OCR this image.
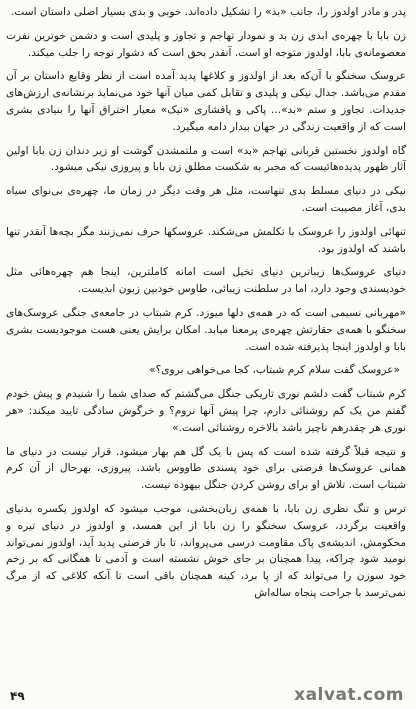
پدر و مادر اولدوز را، جانب «بد» را تشکیل داده‌اند. خوبی و بدی بسیار اصلی داستان است.

زن بابا با چهره‌ی ابدی زن بد و نمودار تهاجم و تجاوز و پلیدی است و دشمن خوترین نفرت معصومانه‌ی بابا، اولدوز متوجه او است. آنقدر بحق است که دشوار توجه را جلب میکند.

عروسک سخنگو با آن‌که بعد از اولدوز و کلاغها پدید آمده است از نظر وقایع داستان بر آن مقدم می‌باشد. جدال نیکی و پلیدی و تقابل کمی میان آنها خود می‌نماید برنشانه‌ی ارزش‌های جدیدات. تجاوز و ستم «بد»... پاکی و پافشاری «نیک» معیار اختراق آنها را بنیادی بشری است که از واقعیت زندگی در جهان بیدار دامه میگیرد.

گاه اولدوز نخستین قربانی تهاجم «بد» است و ملتمشدن گوشت او زیر دندان زن بابا اولین آثار ظهور پدیده‌هائیست که مجبر به شکست مطلق زن بابا و پیروزی نیکی میشود.

نیکی در دنیای مسلط بدی تنهاست، مثل هر وقت دیگر در زمان ما، چهره‌ی بی‌نوای سیاه بدی، آغاز مصیبت است.

تنهائی اولدوز را عروسک با تکلمش می‌شکند. عروسکها حرف نمی‌زنند مگر بچه‌ها آنقدر تنها باشند که اولدوز بود.

دنیای عروسک‌ها زیباترین دنیای تخیل است امانه کاملترین، اینجا هم چهره‌هائی مثل خودپسندی وجود دارد، اما در سلطنت زیبائی، طاوس خودبین زبون ابدیست.

«مهربانی نسیمی است که در همه‌ی دلها میوزد. کرم شبتاب در جامعه‌ی جنگی عروسک‌های سخنگو با همه‌ی حقارتش چهره‌ی پرمعنا میابد. امکان برایش یعنی هست موجودیست بشری بابا و اولدوز اینجا پذیرفته شده است.

«عروسک گفت سلام کرم شبتاب، کجا می‌خواهی بروی؟»

کرم شبتاب گفت دلشم نوری تاریکی جنگل می‌گشتم که صدای شما را شنیدم و پیش خودم گفتم من یک کم روشنائی دارم، چرا پیش آنها نروم؟ و خرگوش سادگی تایید میکند: «هر نوری هر چقدرهم ناچیز باشد بالاخره روشنائی است.»

و نتیجه قبلاً گرفته شده است که پس با یک گل هم بهار میشود. قرار نیست در دنیای ما همانی عروسک‌ها فرصتی برای خود پسندی طاووس باشد. پیروزی، بهرحال از آن کرم شبتاب است. تلاش او برای روشن کردن جنگل بیهوده نیست.

ترس و تنگ نظری زن بابا، با همه‌ی زبان‌بخشی، موجب میشود که اولدوز یکسره بدنیای واقعیت برگردد، عروسک سخنگو را زن بابا از این همسد، و اولدوز در دنیای تیره و محکومش، اندیشه‌ی پاک مقاومت درسی می‌پرواند، تا باز فرصتی پدید آید، اولدوز نمی‌تواند نومید شود چراکه، پیدا همچنان بر جای خوش نشسته است و آدمی تا همگانی که بر زخم خود سوزن را می‌تواند که از پا برد، کینه همچنان باقی است تا آنکه کلاغی که از مرگ نمی‌ترسد با جراحت پنجاه ساله‌اش

۴۹	xalvat.com
